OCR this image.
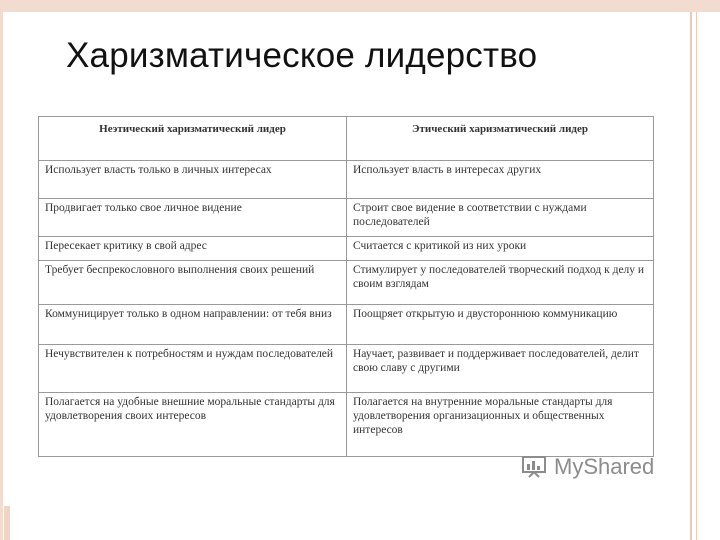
Харизматическое лидерство
Неэтический харизматический лидер	Этический харизматический лидер
Использует власть только в личных интересах	Использует власть в интересах других
Продвигает только свое личное видение	Строит свое видение в соответствии с нуждами последователей
Пересекает критику в свой адрес	Считается с критикой из них уроки
Требует беспрекословного выполнения своих решений	Стимулирует у последователей творческий подход к делу и своим взглядам
Коммуницирует только в одном направлении: от тебя вниз	Поощряет открытую и двустороннюю коммуникацию
Нечувствителен к потребностям и нуждам последователей	Научает, развивает и поддерживает последователей, делит свою славу с другими
Полагается на удобные внешние моральные стандарты для удовлетворения своих интересов	Полагается на внутренние моральные стандарты для удовлетворения организационных и общественных интересов
MyShared
